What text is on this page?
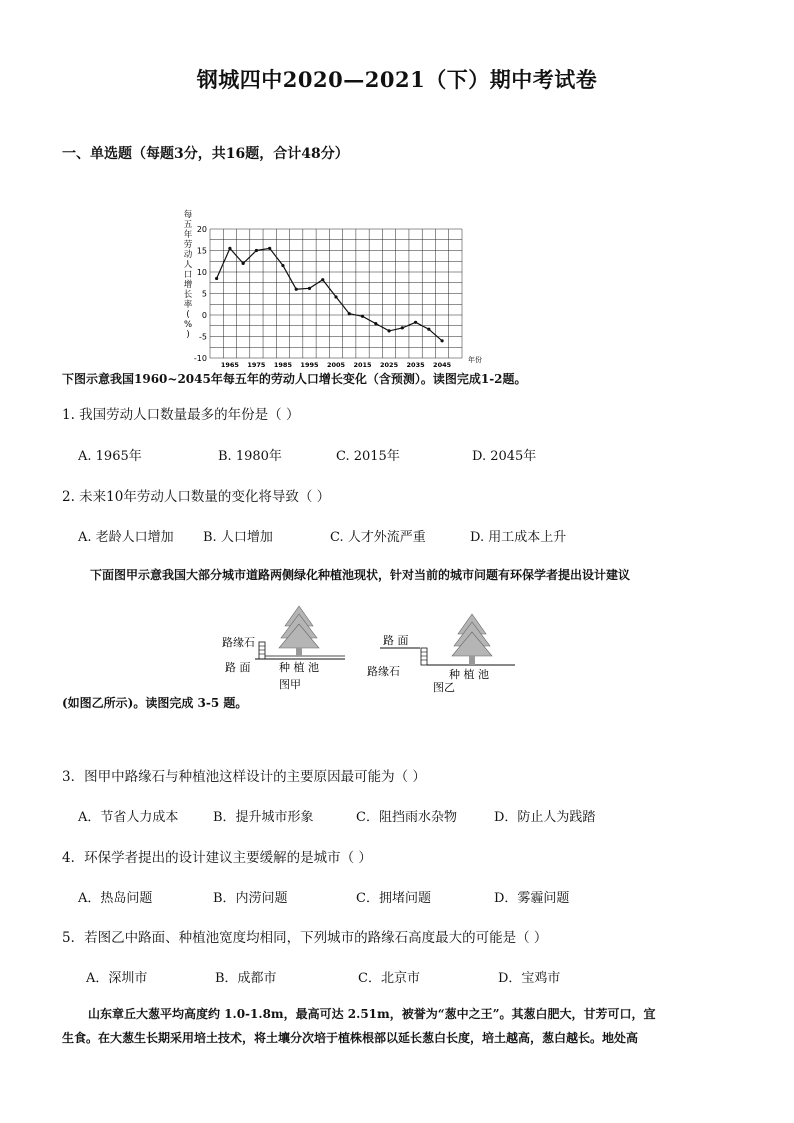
钢城四中2020—2021（下）期中考试卷
一、单选题（每题3分，共16题，合计48分）
每
五
年
劳
动
人
口
增
长
率
(
%
)
20
15
10
5
0
-5
-10
1965 1975 1985 1995 2005 2015 2025 2035 2045
年份
下图示意我国1960~2045年每五年的劳动人口增长变化（含预测）。读图完成1-2题。
1. 我国劳动人口数量最多的年份是（ ）
A. 1965年	B. 1980年	C. 2015年	D. 2045年
2. 未来10年劳动人口数量的变化将导致（ ）
A. 老龄人口增加 B. 人口增加	C. 人才外流严重	D. 用工成本上升
下面图甲示意我国大部分城市道路两侧绿化种植池现状，针对当前的城市问题有环保学者提出设计建议
路缘石
路 面	种 植 池
图甲
路 面
路缘石	种 植 池
图乙
(如图乙所示)。读图完成 3-5 题。
3．图甲中路缘石与种植池这样设计的主要原因最可能为（ ）
A．节省人力成本	B．提升城市形象	C．阻挡雨水杂物	D．防止人为践踏
4．环保学者提出的设计建议主要缓解的是城市（ ）
A．热岛问题	B．内涝问题	C．拥堵问题	D．雾霾问题
5．若图乙中路面、种植池宽度均相同，下列城市的路缘石高度最大的可能是（ ）
A．深圳市	B．成都市	C．北京市	D．宝鸡市
山东章丘大葱平均高度约 1.0-1.8m，最高可达 2.51m，被誉为“葱中之王”。其葱白肥大，甘芳可口，宜
生食。在大葱生长期采用培土技术，将土壤分次培于植株根部以延长葱白长度，培土越高，葱白越长。地处高
